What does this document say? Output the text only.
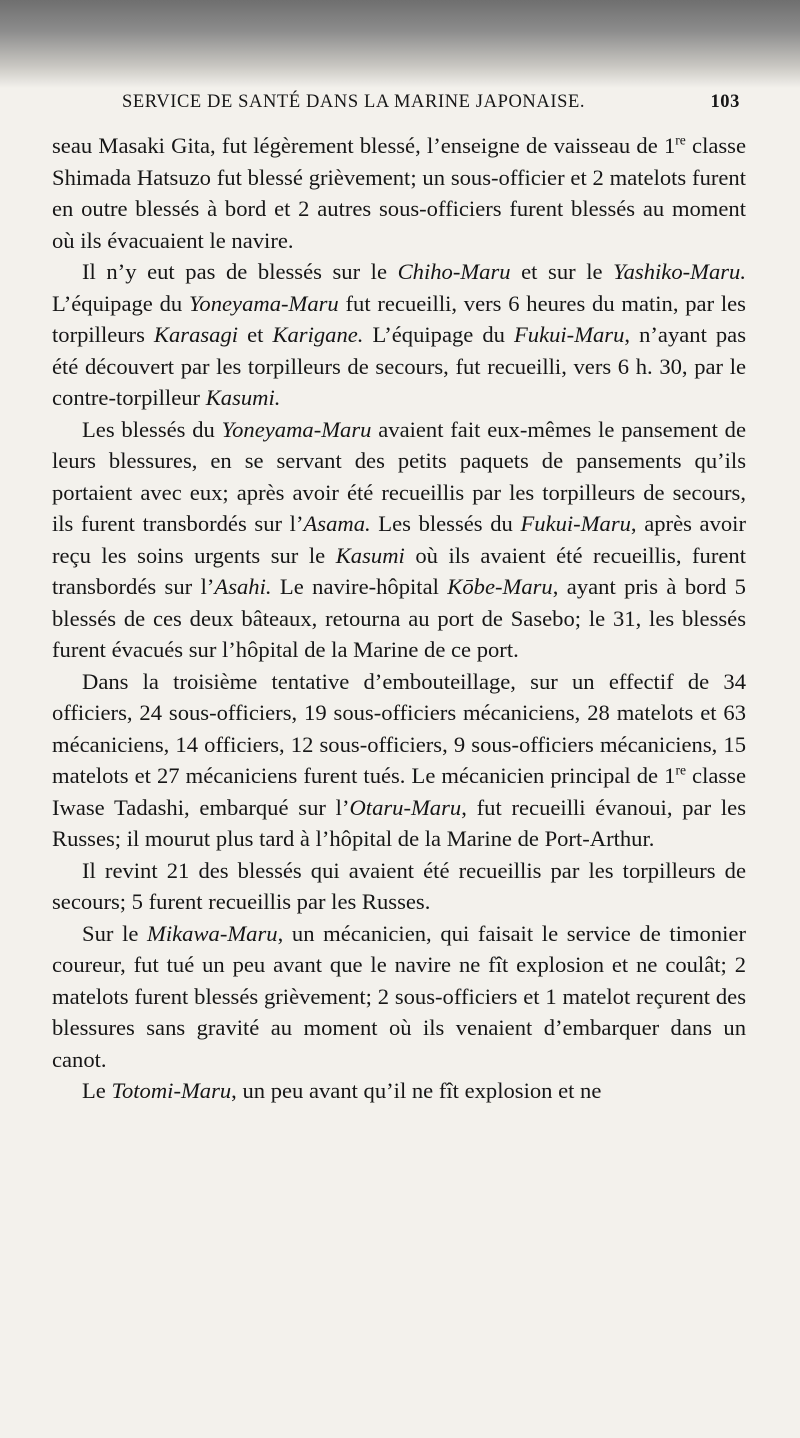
SERVICE DE SANTÉ DANS LA MARINE JAPONAISE.	103

seau Masaki Gita, fut légèrement blessé, l’enseigne de vaisseau de 1re classe Shimada Hatsuzo fut blessé grièvement; un sous-officier et 2 matelots furent en outre blessés à bord et 2 autres sous-officiers furent blessés au moment où ils évacuaient le navire.

Il n’y eut pas de blessés sur le Chiho-Maru et sur le Yashiko-Maru. L’équipage du Yoneyama-Maru fut recueilli, vers 6 heures du matin, par les torpilleurs Karasagi et Karigane. L’équipage du Fukui-Maru, n’ayant pas été découvert par les torpilleurs de secours, fut recueilli, vers 6 h. 30, par le contre-torpilleur Kasumi.

Les blessés du Yoneyama-Maru avaient fait eux-mêmes le pansement de leurs blessures, en se servant des petits paquets de pansements qu’ils portaient avec eux; après avoir été recueillis par les torpilleurs de secours, ils furent transbordés sur l’Asama. Les blessés du Fukui-Maru, après avoir reçu les soins urgents sur le Kasumi où ils avaient été recueillis, furent transbordés sur l’Asahi. Le navire-hôpital Kōbe-Maru, ayant pris à bord 5 blessés de ces deux bâteaux, retourna au port de Sasebo; le 31, les blessés furent évacués sur l’hôpital de la Marine de ce port.

Dans la troisième tentative d’embouteillage, sur un effectif de 34 officiers, 24 sous-officiers, 19 sous-officiers mécaniciens, 28 matelots et 63 mécaniciens, 14 officiers, 12 sous-officiers, 9 sous-officiers mécaniciens, 15 matelots et 27 mécaniciens furent tués. Le mécanicien principal de 1re classe Iwase Tadashi, embarqué sur l’Otaru-Maru, fut recueilli évanoui, par les Russes; il mourut plus tard à l’hôpital de la Marine de Port-Arthur.

Il revint 21 des blessés qui avaient été recueillis par les torpilleurs de secours; 5 furent recueillis par les Russes.

Sur le Mikawa-Maru, un mécanicien, qui faisait le service de timonier coureur, fut tué un peu avant que le navire ne fît explosion et ne coulât; 2 matelots furent blessés grièvement; 2 sous-officiers et 1 matelot reçurent des blessures sans gravité au moment où ils venaient d’embarquer dans un canot.

Le Totomi-Maru, un peu avant qu’il ne fît explosion et ne
